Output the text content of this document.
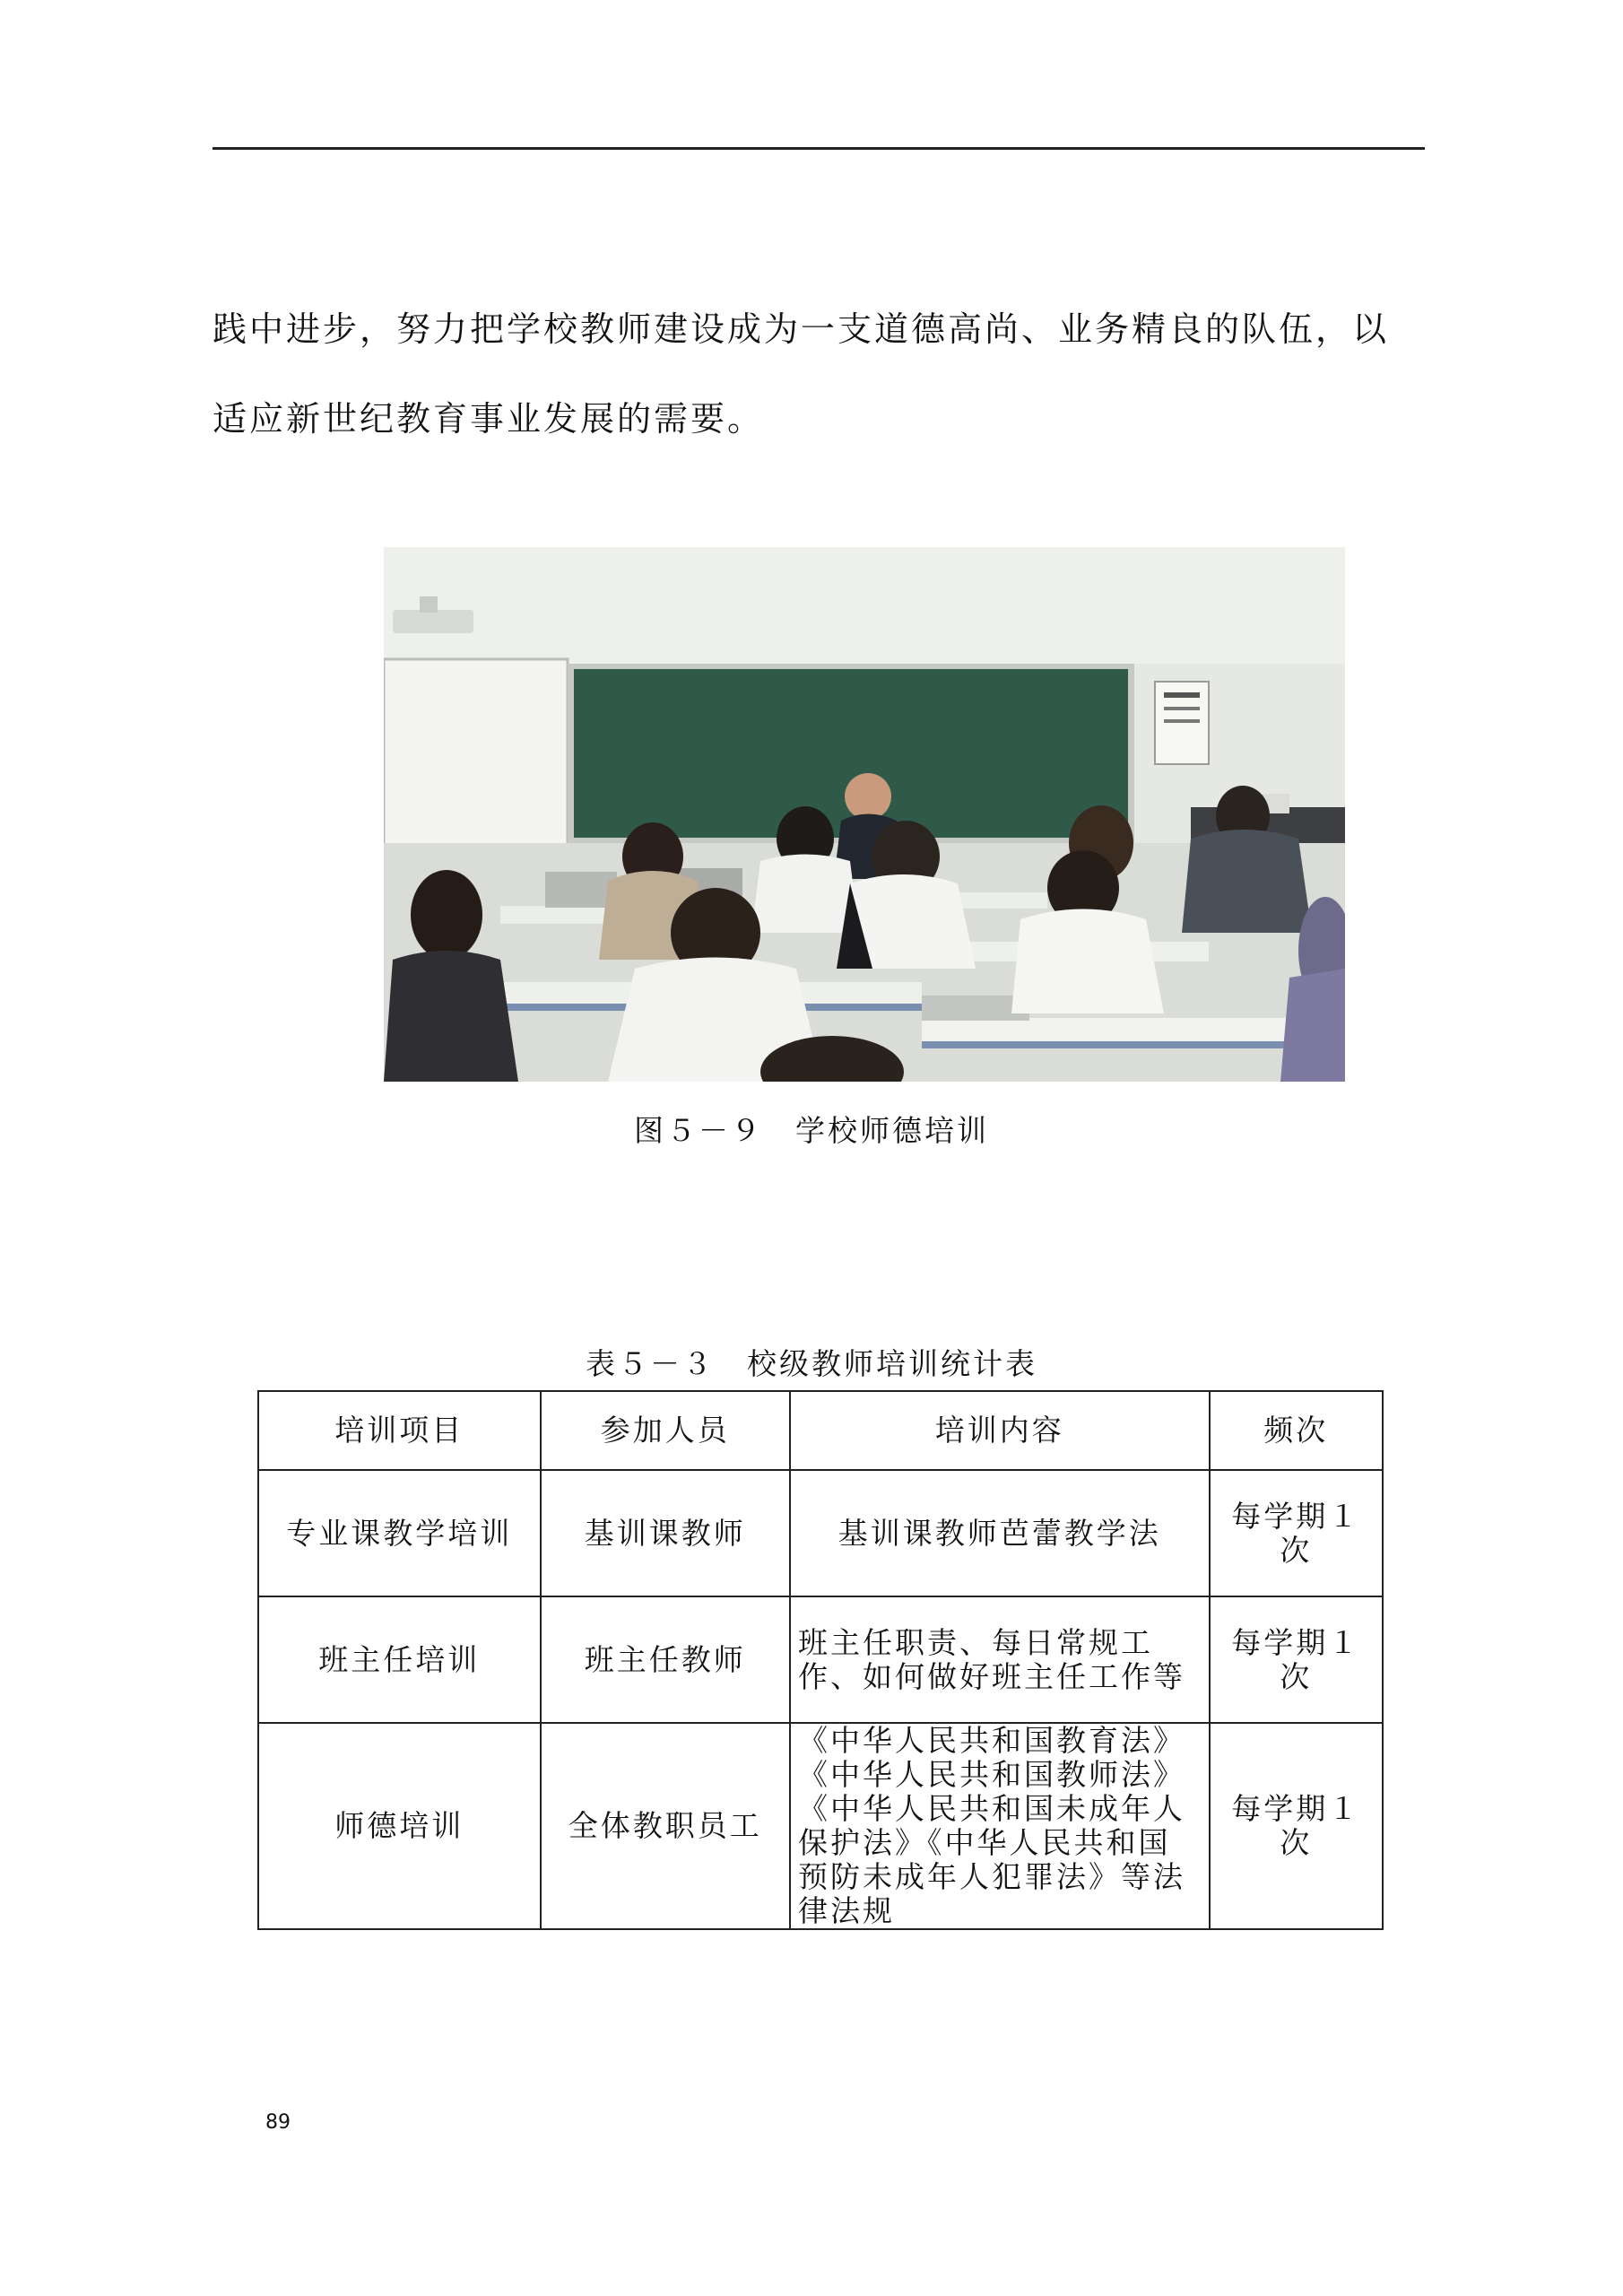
践中进步，努力把学校教师建设成为一支道德高尚、业务精良的队伍，以
适应新世纪教育事业发展的需要。
图５－９　学校师德培训
表５－３　校级教师培训统计表
培训项目	参加人员	培训内容	频次
专业课教学培训	基训课教师	基训课教师芭蕾教学法	每学期１次
班主任培训	班主任教师	班主任职责、每日常规工作、如何做好班主任工作等	每学期１次
师德培训	全体教职员工	《中华人民共和国教育法》《中华人民共和国教师法》《中华人民共和国未成年人保护法》《中华人民共和国预防未成年人犯罪法》等法律法规	每学期１次
89
